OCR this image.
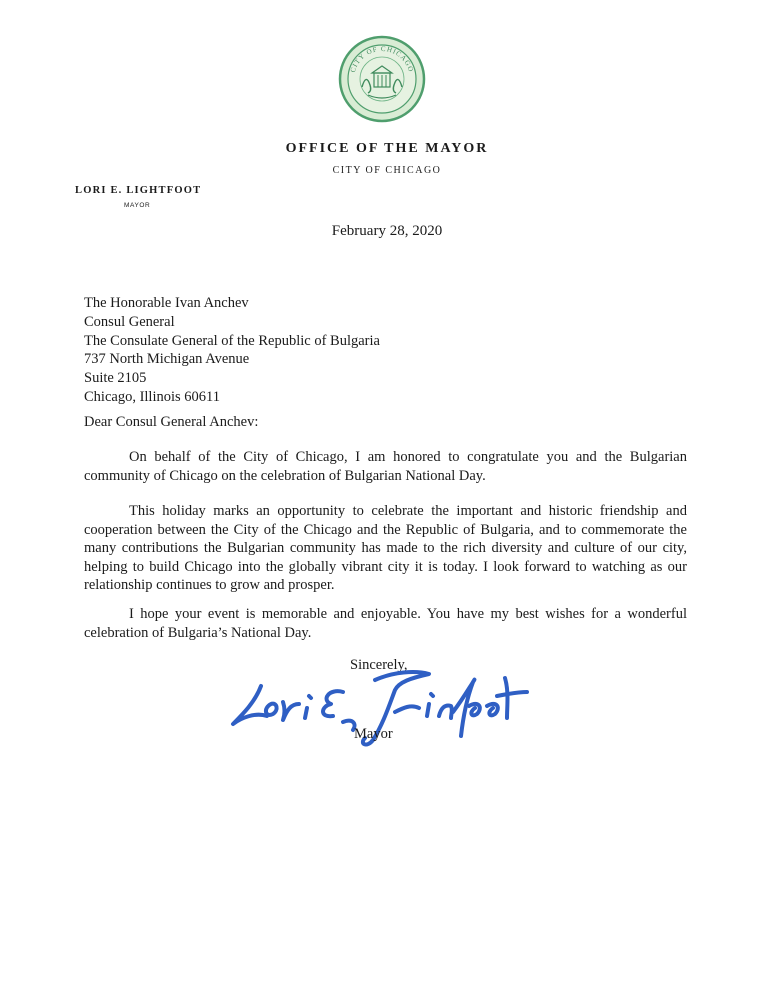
CITY OF CHICAGO
OFFICE OF THE MAYOR
CITY OF CHICAGO
LORI E. LIGHTFOOT
MAYOR
February 28, 2020
The Honorable Ivan Anchev
Consul General
The Consulate General of the Republic of Bulgaria
737 North Michigan Avenue
Suite 2105
Chicago, Illinois 60611
Dear Consul General Anchev:

On behalf of the City of Chicago, I am honored to congratulate you and the Bulgarian community of Chicago on the celebration of Bulgarian National Day.

This holiday marks an opportunity to celebrate the important and historic friendship and cooperation between the City of the Chicago and the Republic of Bulgaria, and to commemorate the many contributions the Bulgarian community has made to the rich diversity and culture of our city, helping to build Chicago into the globally vibrant city it is today. I look forward to watching as our relationship continues to grow and prosper.

I hope your event is memorable and enjoyable. You have my best wishes for a wonderful celebration of Bulgaria’s National Day.

Sincerely,
Lori E. Lightfoot
Mayor
